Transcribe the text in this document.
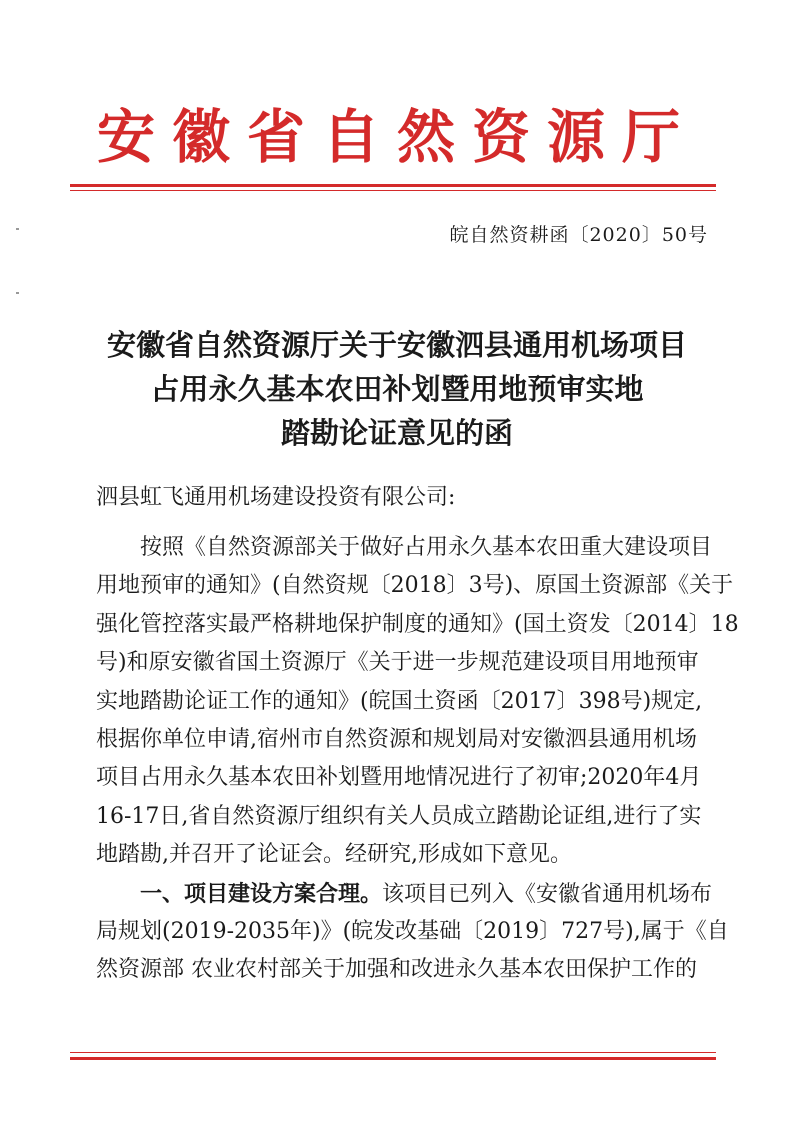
安徽省自然资源厅
皖自然资耕函〔2020〕50号
安徽省自然资源厅关于安徽泗县通用机场项目
占用永久基本农田补划暨用地预审实地
踏勘论证意见的函
泗县虹飞通用机场建设投资有限公司:
按照《自然资源部关于做好占用永久基本农田重大建设项目
用地预审的通知》(自然资规〔2018〕3号)、原国土资源部《关于
强化管控落实最严格耕地保护制度的通知》(国土资发〔2014〕18
号)和原安徽省国土资源厅《关于进一步规范建设项目用地预审
实地踏勘论证工作的通知》(皖国土资函〔2017〕398号)规定,
根据你单位申请,宿州市自然资源和规划局对安徽泗县通用机场
项目占用永久基本农田补划暨用地情况进行了初审;2020年4月
16-17日,省自然资源厅组织有关人员成立踏勘论证组,进行了实
地踏勘,并召开了论证会。经研究,形成如下意见。
一、项目建设方案合理。该项目已列入《安徽省通用机场布
局规划(2019-2035年)》(皖发改基础〔2019〕727号),属于《自
然资源部 农业农村部关于加强和改进永久基本农田保护工作的
